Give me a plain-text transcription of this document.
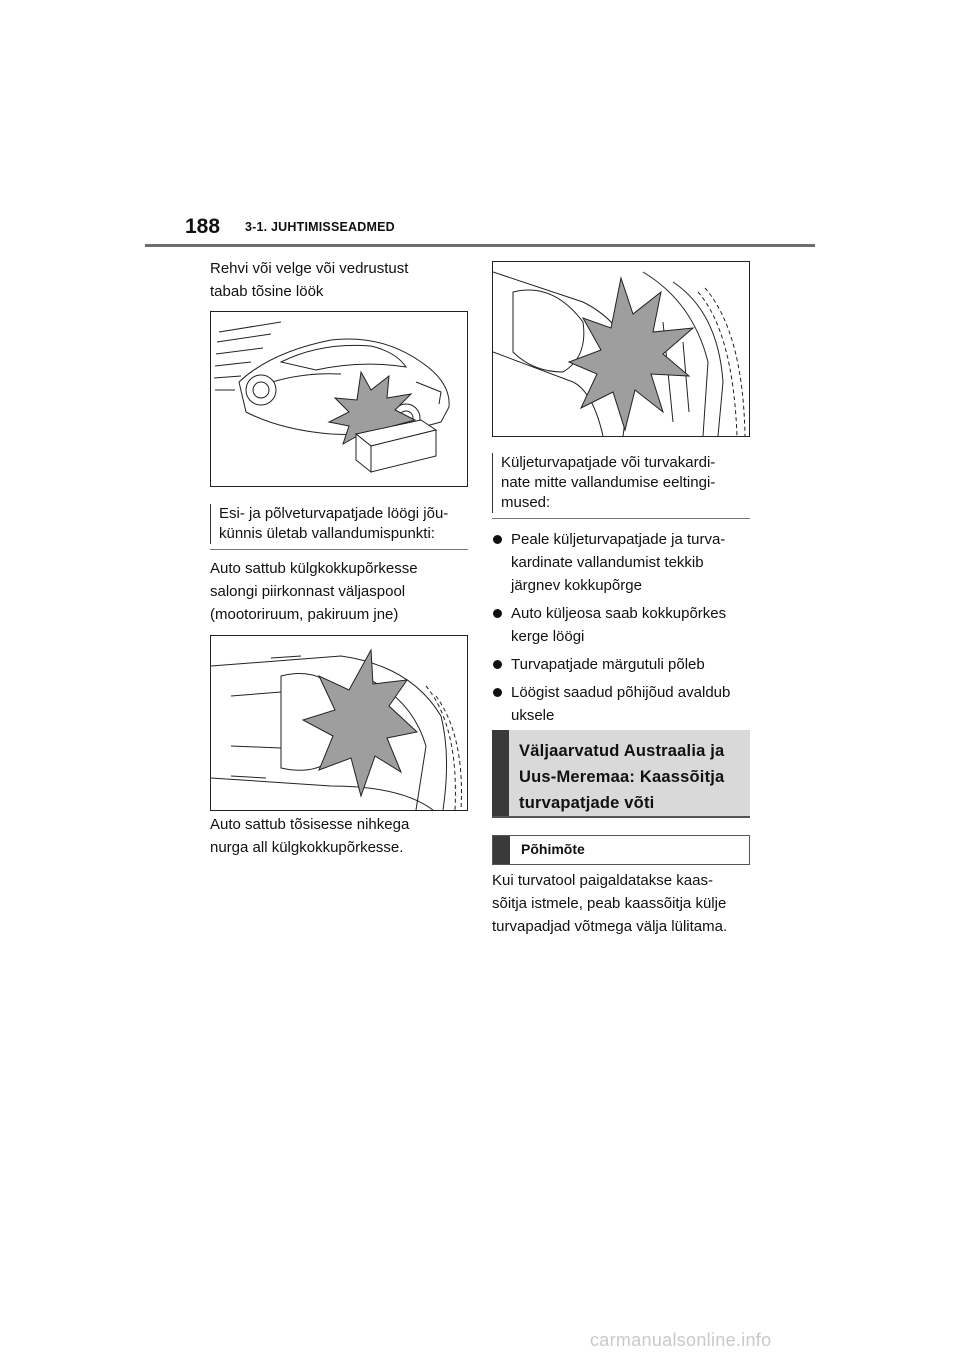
188 3-1. JUHTIMISSEADMED
Rehvi või velge või vedrustust
tabab tõsine löök
Esi- ja põlveturvapatjade löögi jõu-
künnis ületab vallandumispunkti:
Auto sattub külgkokkupõrkesse
salongi piirkonnast väljaspool
(mootoriruum, pakiruum jne)
Auto sattub tõsisesse nihkega
nurga all külgkokkupõrkesse.
Küljeturvapatjade või turvakardi-
nate mitte vallandumise eeltingi-
mused:
Peale küljeturvapatjade ja turva-
kardinate vallandumist tekkib
järgnev kokkupõrge
Auto küljeosa saab kokkupõrkes
kerge löögi
Turvapatjade märgutuli põleb
Löögist saadud põhijõud avaldub
uksele
Väljaarvatud Austraalia ja
Uus-Meremaa: Kaassõitja
turvapatjade võti
Põhimõte
Kui turvatool paigaldatakse kaas-
sõitja istmele, peab kaassõitja külje
turvapadjad võtmega välja lülitama.
carmanualsonline.info
